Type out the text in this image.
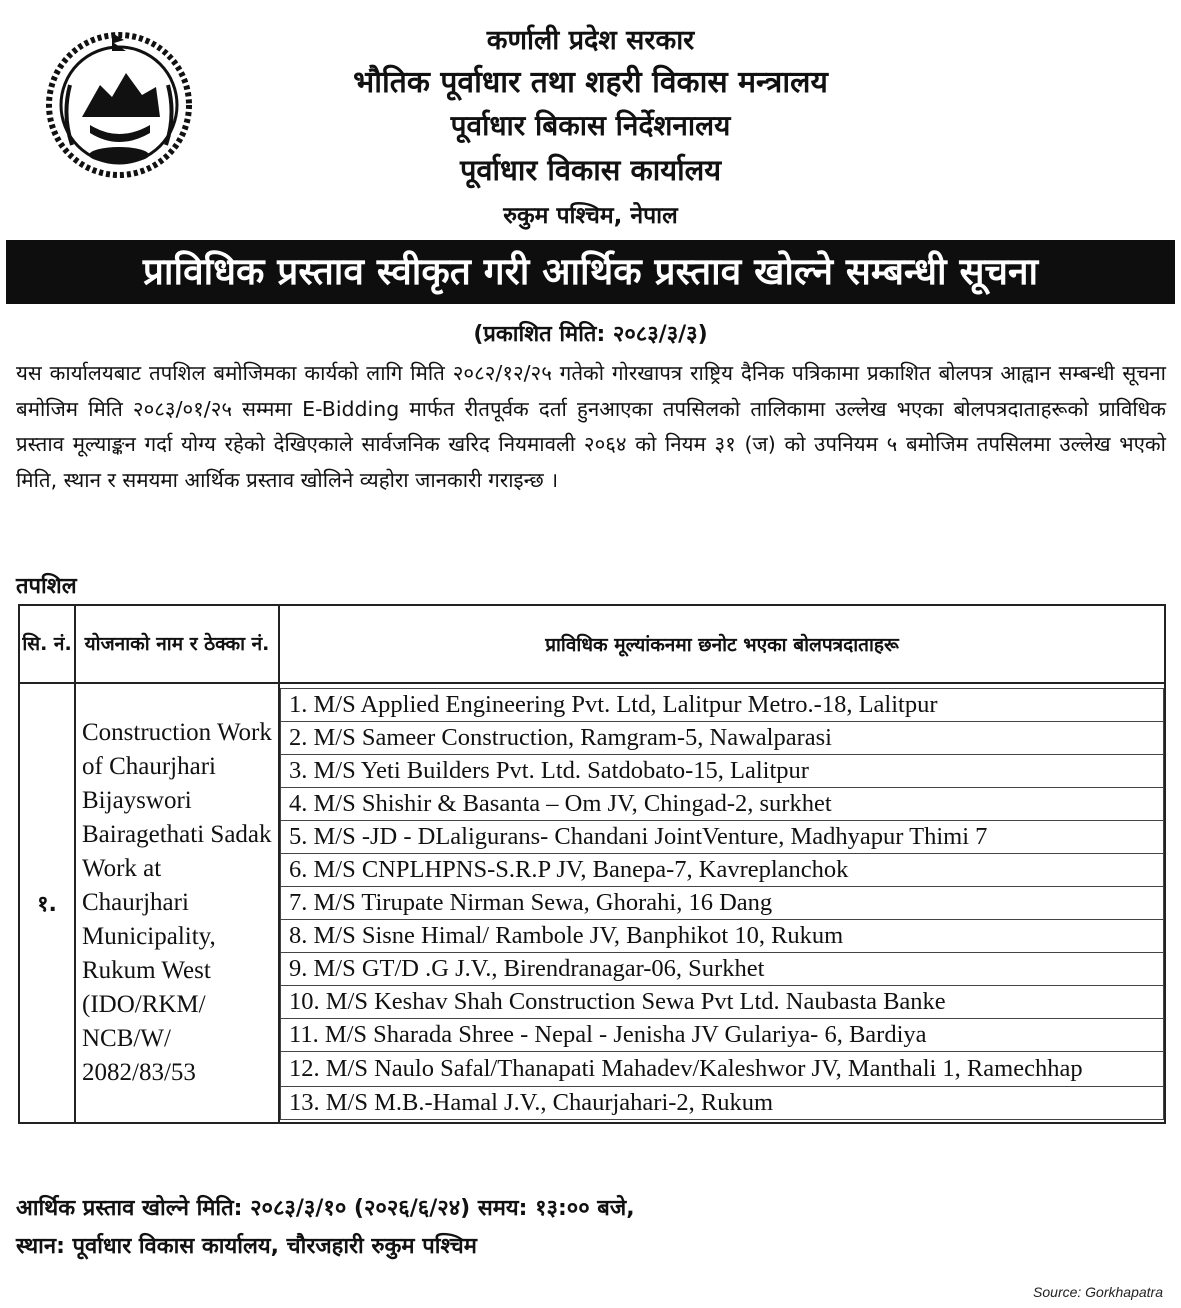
कर्णाली प्रदेश सरकार
भौतिक पूर्वाधार तथा शहरी विकास मन्त्रालय
पूर्वाधार बिकास निर्देशनालय
पूर्वाधार विकास कार्यालय
रुकुम पश्चिम, नेपाल
प्राविधिक प्रस्ताव स्वीकृत गरी आर्थिक प्रस्ताव खोल्ने सम्बन्धी सूचना
(प्रकाशित मिति: २०८३/३/३)
यस कार्यालयबाट तपशिल बमोजिमका कार्यको लागि मिति २०८२/१२/२५ गतेको गोरखापत्र राष्ट्रिय दैनिक पत्रिकामा प्रकाशित बोलपत्र आह्वान सम्बन्धी सूचना बमोजिम मिति २०८३/०१/२५ सम्ममा E-Bidding मार्फत रीतपूर्वक दर्ता हुनआएका तपसिलको तालिकामा उल्लेख भएका बोलपत्रदाताहरूको प्राविधिक प्रस्ताव मूल्याङ्कन गर्दा योग्य रहेको देखिएकाले सार्वजनिक खरिद नियमावली २०६४ को नियम ३१ (ज) को उपनियम ५ बमोजिम तपसिलमा उल्लेख भएको मिति, स्थान र समयमा आर्थिक प्रस्ताव खोलिने व्यहोरा जानकारी गराइन्छ ।
तपशिल
सि. नं.	योजनाको नाम र ठेक्का नं.	प्राविधिक मूल्यांकनमा छनोट भएका बोलपत्रदाताहरू
१.	Construction Work of Chaurjhari Bijayswori Bairagethati Sadak Work at Chaurjhari Municipality, Rukum West (IDO/RKM/ NCB/W/ 2082/83/53	
1. M/S Applied Engineering Pvt. Ltd, Lalitpur Metro.-18, Lalitpur
2. M/S Sameer Construction, Ramgram-5, Nawalparasi
3. M/S Yeti Builders Pvt. Ltd. Satdobato-15, Lalitpur
4. M/S Shishir & Basanta – Om JV, Chingad-2, surkhet
5. M/S -JD - DLaligurans- Chandani JointVenture, Madhyapur Thimi 7
6. M/S CNPLHPNS-S.R.P JV, Banepa-7, Kavreplanchok
7. M/S Tirupate Nirman Sewa, Ghorahi, 16 Dang
8. M/S Sisne Himal/ Rambole JV, Banphikot 10, Rukum
9. M/S GT/D .G J.V., Birendranagar-06, Surkhet
10. M/S Keshav Shah Construction Sewa Pvt Ltd. Naubasta Banke
11. M/S Sharada Shree - Nepal - Jenisha JV Gulariya- 6, Bardiya
12. M/S Naulo Safal/Thanapati Mahadev/Kaleshwor JV, Manthali 1, Ramechhap
13. M/S M.B.-Hamal J.V., Chaurjahari-2, Rukum
आर्थिक प्रस्ताव खोल्ने मिति: २०८३/३/१० (२०२६/६/२४) समय: १३:०० बजे,
स्थान: पूर्वाधार विकास कार्यालय, चौरजहारी रुकुम पश्चिम
Source: Gorkhapatra
